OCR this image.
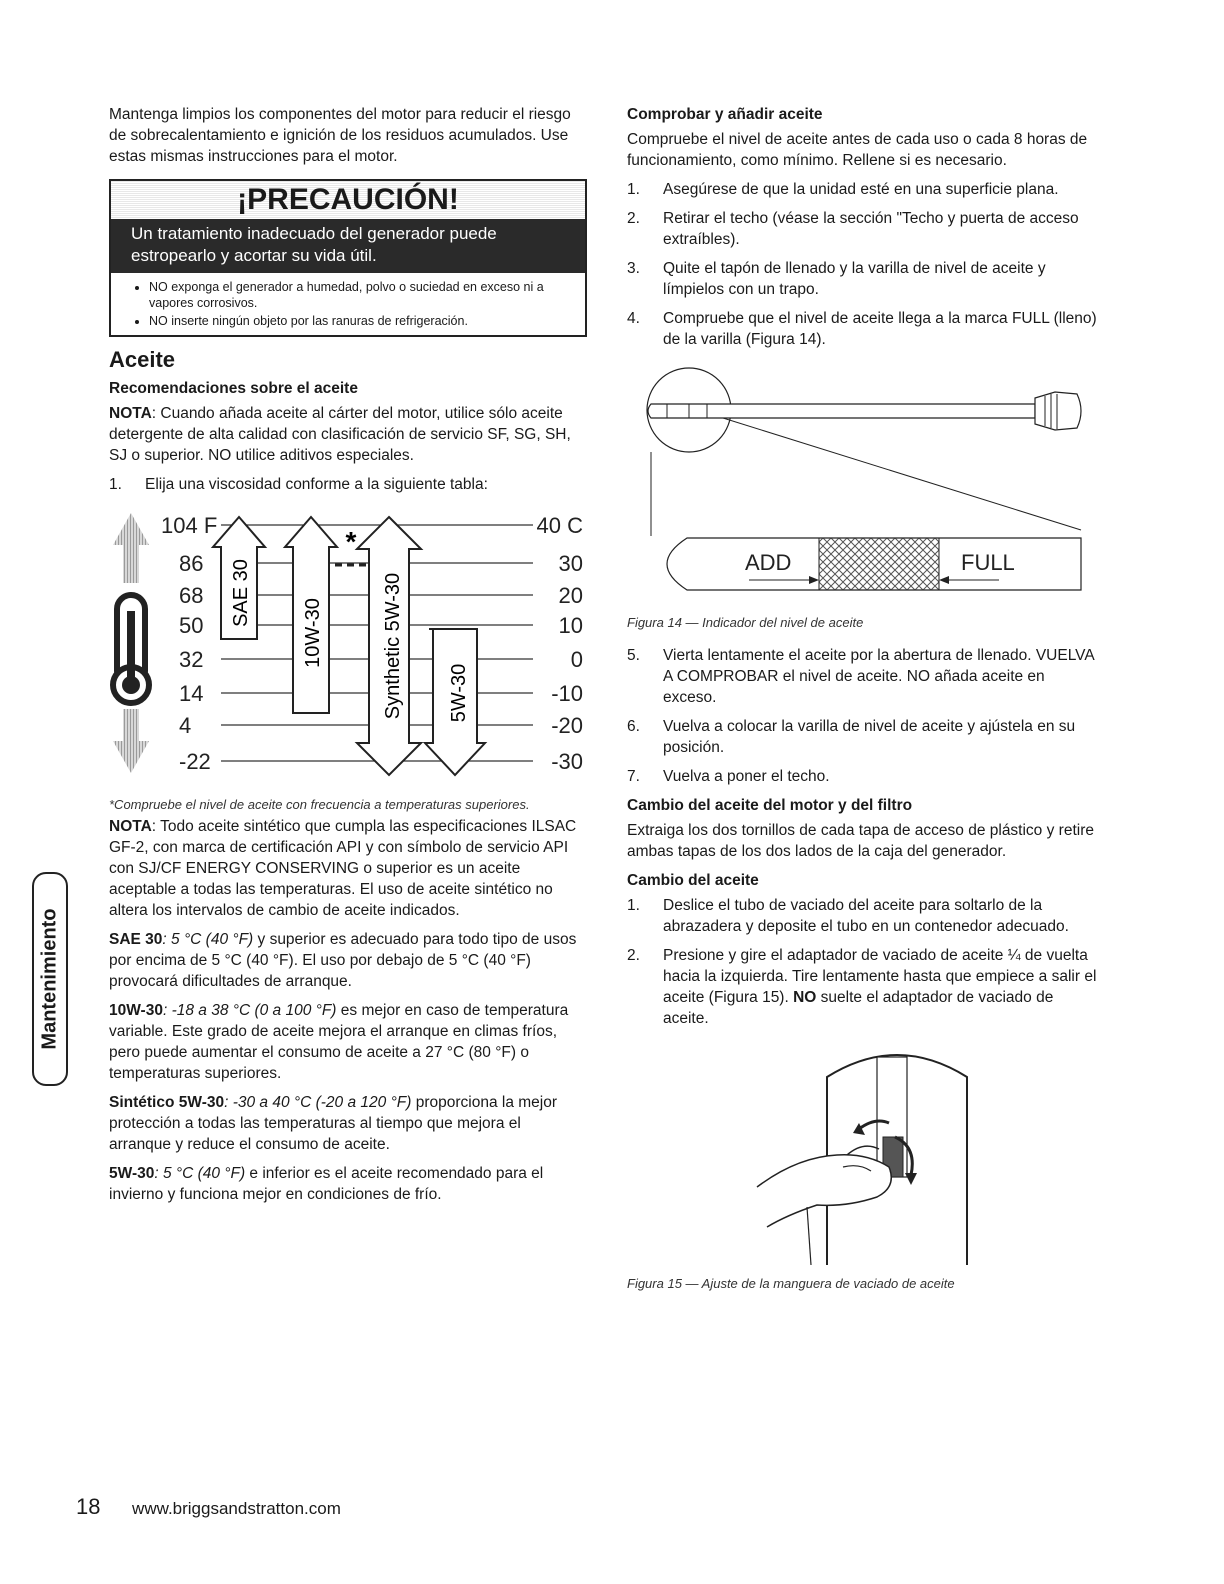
Mantenga limpios los componentes del motor para reducir el riesgo de sobrecalentamiento e ignición de los residuos acumulados. Use estas mismas instrucciones para el motor.

¡PRECAUCIÓN!
Un tratamiento inadecuado del generador puede estropearlo y acortar su vida útil.
• NO exponga el generador a humedad, polvo o suciedad en exceso ni a vapores corrosivos.
• NO inserte ningún objeto por las ranuras de refrigeración.
Aceite
Recomendaciones sobre el aceite

NOTA: Cuando añada aceite al cárter del motor, utilice sólo aceite detergente de alta calidad con clasificación de servicio SF, SG, SH, SJ o superior. NO utilice aditivos especiales.

1. Elija una viscosidad conforme a la siguiente tabla:
104 F
86
68
50
32
14
4
-22
40 C
30
20
10
0
-10
-20
-30
SAE 30
10W-30
*
Synthetic 5W-30 5W-30

*Compruebe el nivel de aceite con frecuencia a temperaturas superiores.

NOTA: Todo aceite sintético que cumpla las especificaciones ILSAC GF-2, con marca de certificación API y con símbolo de servicio API con SJ/CF ENERGY CONSERVING o superior es un aceite aceptable a todas las temperaturas. El uso de aceite sintético no altera los intervalos de cambio de aceite indicados.

SAE 30: 5 °C (40 °F) y superior es adecuado para todo tipo de usos por encima de 5 °C (40 °F). El uso por debajo de 5 °C (40 °F) provocará dificultades de arranque.

10W-30: -18 a 38 °C (0 a 100 °F) es mejor en caso de temperatura variable. Este grado de aceite mejora el arranque en climas fríos, pero puede aumentar el consumo de aceite a 27 °C (80 °F) o temperaturas superiores.

Sintético 5W-30: -30 a 40 °C (-20 a 120 °F) proporciona la mejor protección a todas las temperaturas al tiempo que mejora el arranque y reduce el consumo de aceite.

5W-30: 5 °C (40 °F) e inferior es el aceite recomendado para el invierno y funciona mejor en condiciones de frío.

Comprobar y añadir aceite

Compruebe el nivel de aceite antes de cada uso o cada 8 horas de funcionamiento, como mínimo. Rellene si es necesario.

1. Asegúrese de que la unidad esté en una superficie plana.
2. Retirar el techo (véase la sección "Techo y puerta de acceso extraíbles).
3. Quite el tapón de llenado y la varilla de nivel de aceite y límpielos con un trapo.
4. Compruebe que el nivel de aceite llega a la marca FULL (lleno) de la varilla (Figura 14).
ADD	FULL
Figura 14 — Indicador del nivel de aceite
5. Vierta lentamente el aceite por la abertura de llenado. VUELVA A COMPROBAR el nivel de aceite. NO añada aceite en exceso.
6. Vuelva a colocar la varilla de nivel de aceite y ajústela en su posición.
7. Vuelva a poner el techo.
Cambio del aceite del motor y del filtro

Extraiga los dos tornillos de cada tapa de acceso de plástico y retire ambas tapas de los dos lados de la caja del generador.

Cambio del aceite
1. Deslice el tubo de vaciado del aceite para soltarlo de la abrazadera y deposite el tubo en un contenedor adecuado.
2. Presione y gire el adaptador de vaciado de aceite ¼ de vuelta hacia la izquierda. Tire lentamente hasta que empiece a salir el aceite (Figura 15). NO suelte el adaptador de vaciado de aceite.
Figura 15 — Ajuste de la manguera de vaciado de aceite
Mantenimiento
18 www.briggsandstratton.com
